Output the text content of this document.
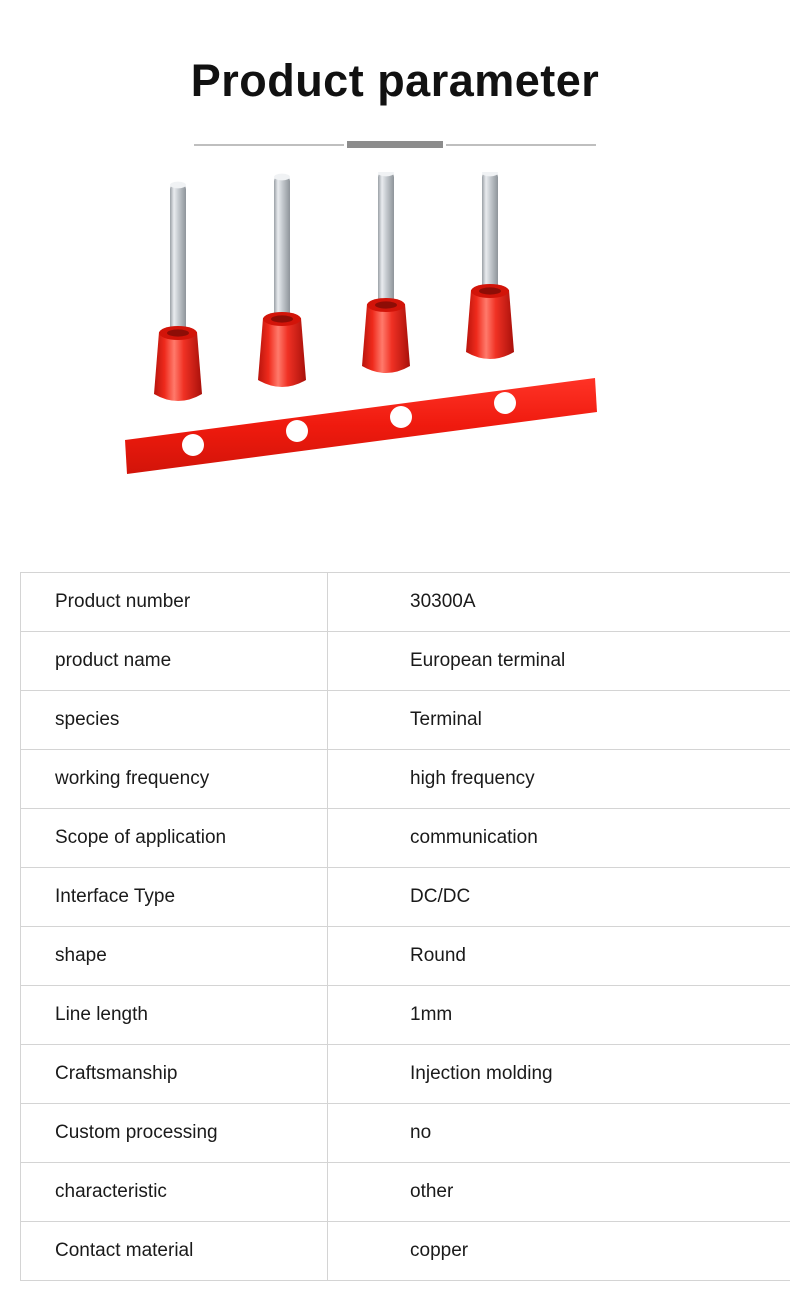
Product parameter
Product number	30300A
product name	European terminal
species	Terminal
working frequency	high frequency
Scope of application	communication
Interface Type	DC/DC
shape	Round
Line length	1mm
Craftsmanship	Injection molding
Custom processing	no
characteristic	other
Contact material	copper
